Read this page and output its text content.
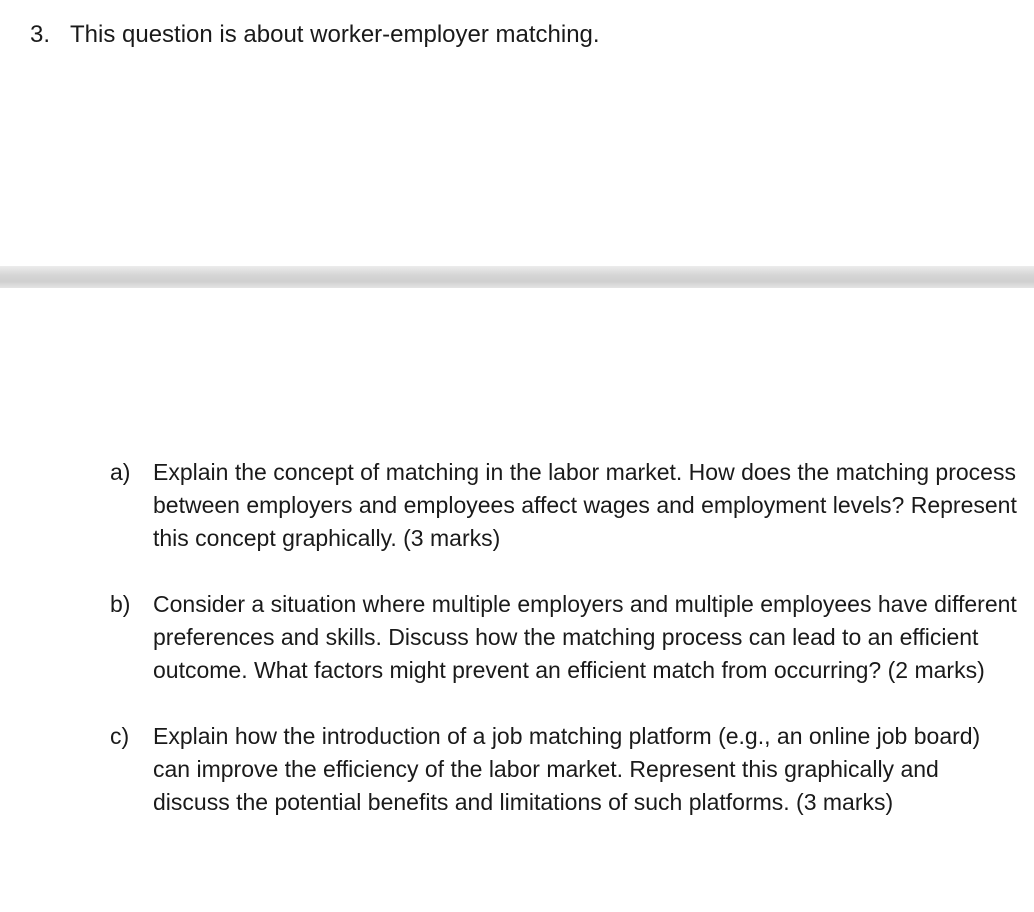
3. This question is about worker-employer matching.
a) Explain the concept of matching in the labor market. How does the matching process between employers and employees affect wages and employment levels? Represent this concept graphically. (3 marks)
b) Consider a situation where multiple employers and multiple employees have different preferences and skills. Discuss how the matching process can lead to an efficient outcome. What factors might prevent an efficient match from occurring? (2 marks)
c) Explain how the introduction of a job matching platform (e.g., an online job board) can improve the efficiency of the labor market. Represent this graphically and discuss the potential benefits and limitations of such platforms. (3 marks)
